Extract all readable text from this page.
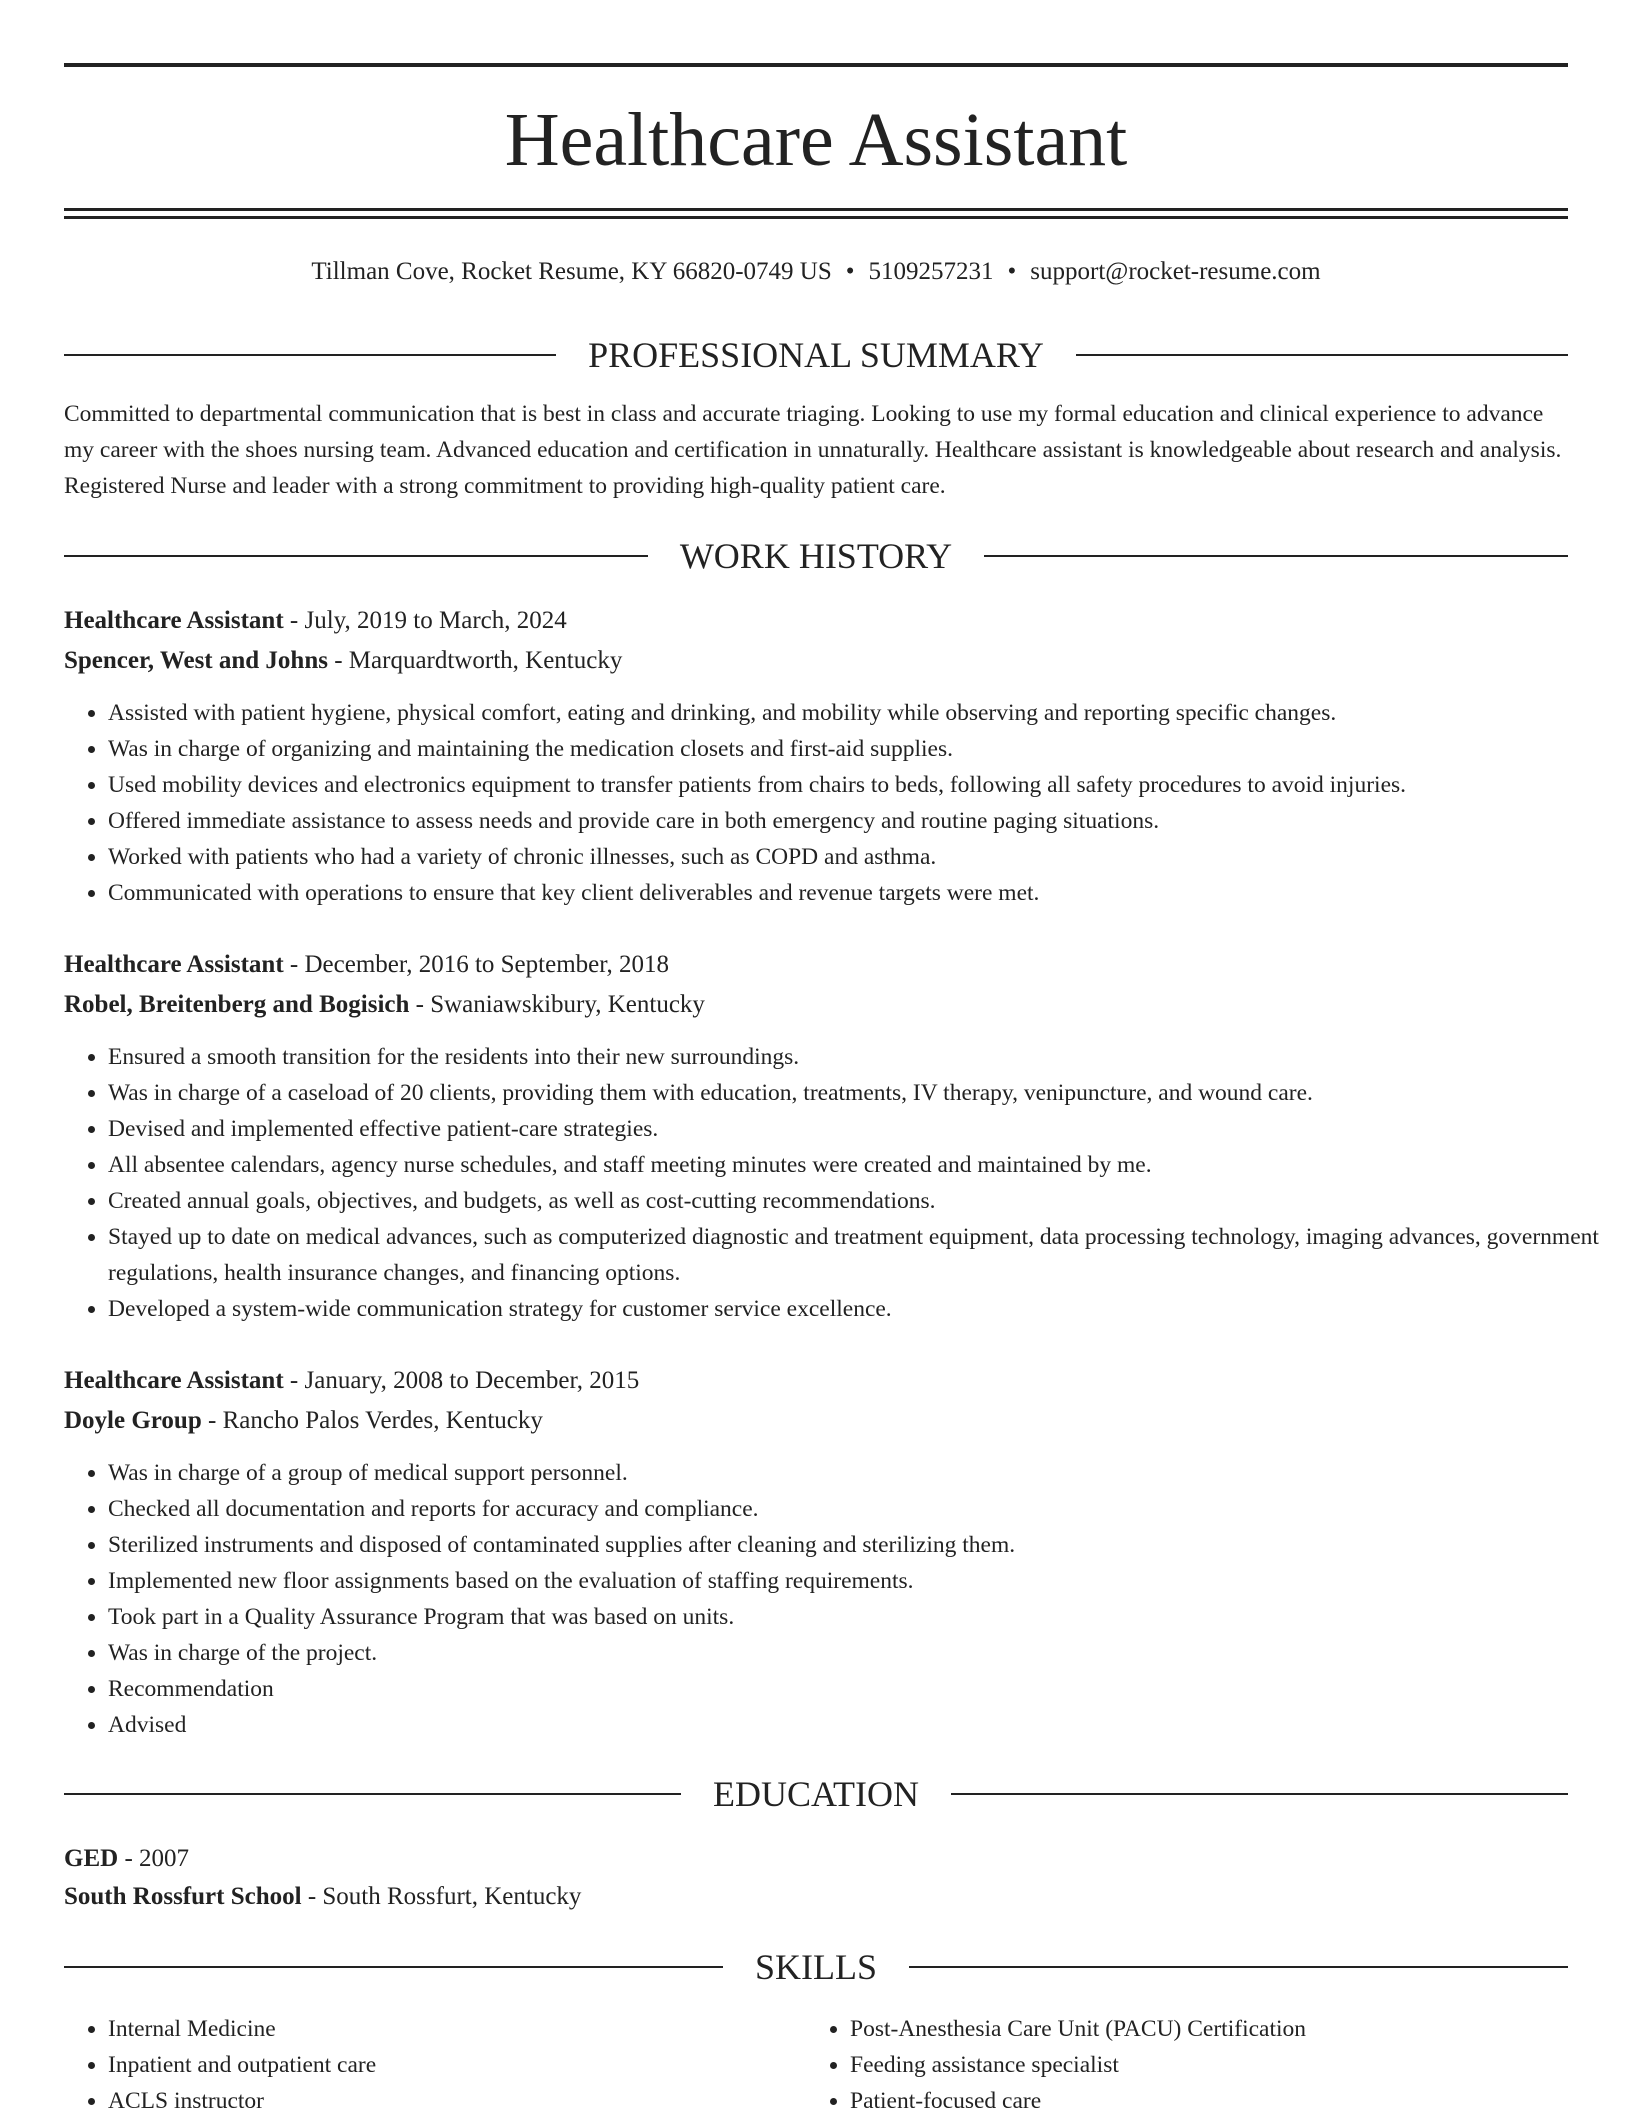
Healthcare Assistant
Tillman Cove, Rocket Resume, KY 66820-0749 US • 5109257231 • support@rocket-resume.com
PROFESSIONAL SUMMARY

Committed to departmental communication that is best in class and accurate triaging. Looking to use my formal education and clinical experience to advance my career with the shoes nursing team. Advanced education and certification in unnaturally. Healthcare assistant is knowledgeable about research and analysis. Registered Nurse and leader with a strong commitment to providing high-quality patient care.

WORK HISTORY
Healthcare Assistant - July, 2019 to March, 2024
Spencer, West and Johns - Marquardtworth, Kentucky
• Assisted with patient hygiene, physical comfort, eating and drinking, and mobility while observing and reporting specific changes.
• Was in charge of organizing and maintaining the medication closets and first-aid supplies.
• Used mobility devices and electronics equipment to transfer patients from chairs to beds, following all safety procedures to avoid injuries.
• Offered immediate assistance to assess needs and provide care in both emergency and routine paging situations.
• Worked with patients who had a variety of chronic illnesses, such as COPD and asthma.
• Communicated with operations to ensure that key client deliverables and revenue targets were met.
Healthcare Assistant - December, 2016 to September, 2018
Robel, Breitenberg and Bogisich - Swaniawskibury, Kentucky
• Ensured a smooth transition for the residents into their new surroundings.
• Was in charge of a caseload of 20 clients, providing them with education, treatments, IV therapy, venipuncture, and wound care.
• Devised and implemented effective patient-care strategies.
• All absentee calendars, agency nurse schedules, and staff meeting minutes were created and maintained by me.
• Created annual goals, objectives, and budgets, as well as cost-cutting recommendations.
• Stayed up to date on medical advances, such as computerized diagnostic and treatment equipment, data processing technology, imaging advances, government regulations, health insurance changes, and financing options.
• Developed a system-wide communication strategy for customer service excellence.
Healthcare Assistant - January, 2008 to December, 2015
Doyle Group - Rancho Palos Verdes, Kentucky
• Was in charge of a group of medical support personnel.
• Checked all documentation and reports for accuracy and compliance.
• Sterilized instruments and disposed of contaminated supplies after cleaning and sterilizing them.
• Implemented new floor assignments based on the evaluation of staffing requirements.
• Took part in a Quality Assurance Program that was based on units.
• Was in charge of the project.
• Recommendation
• Advised
EDUCATION
GED - 2007
South Rossfurt School - South Rossfurt, Kentucky
SKILLS
• Internal Medicine
• Inpatient and outpatient care
• ACLS instructor
• Post-Anesthesia Care Unit (PACU) Certification
• Feeding assistance specialist
• Patient-focused care
